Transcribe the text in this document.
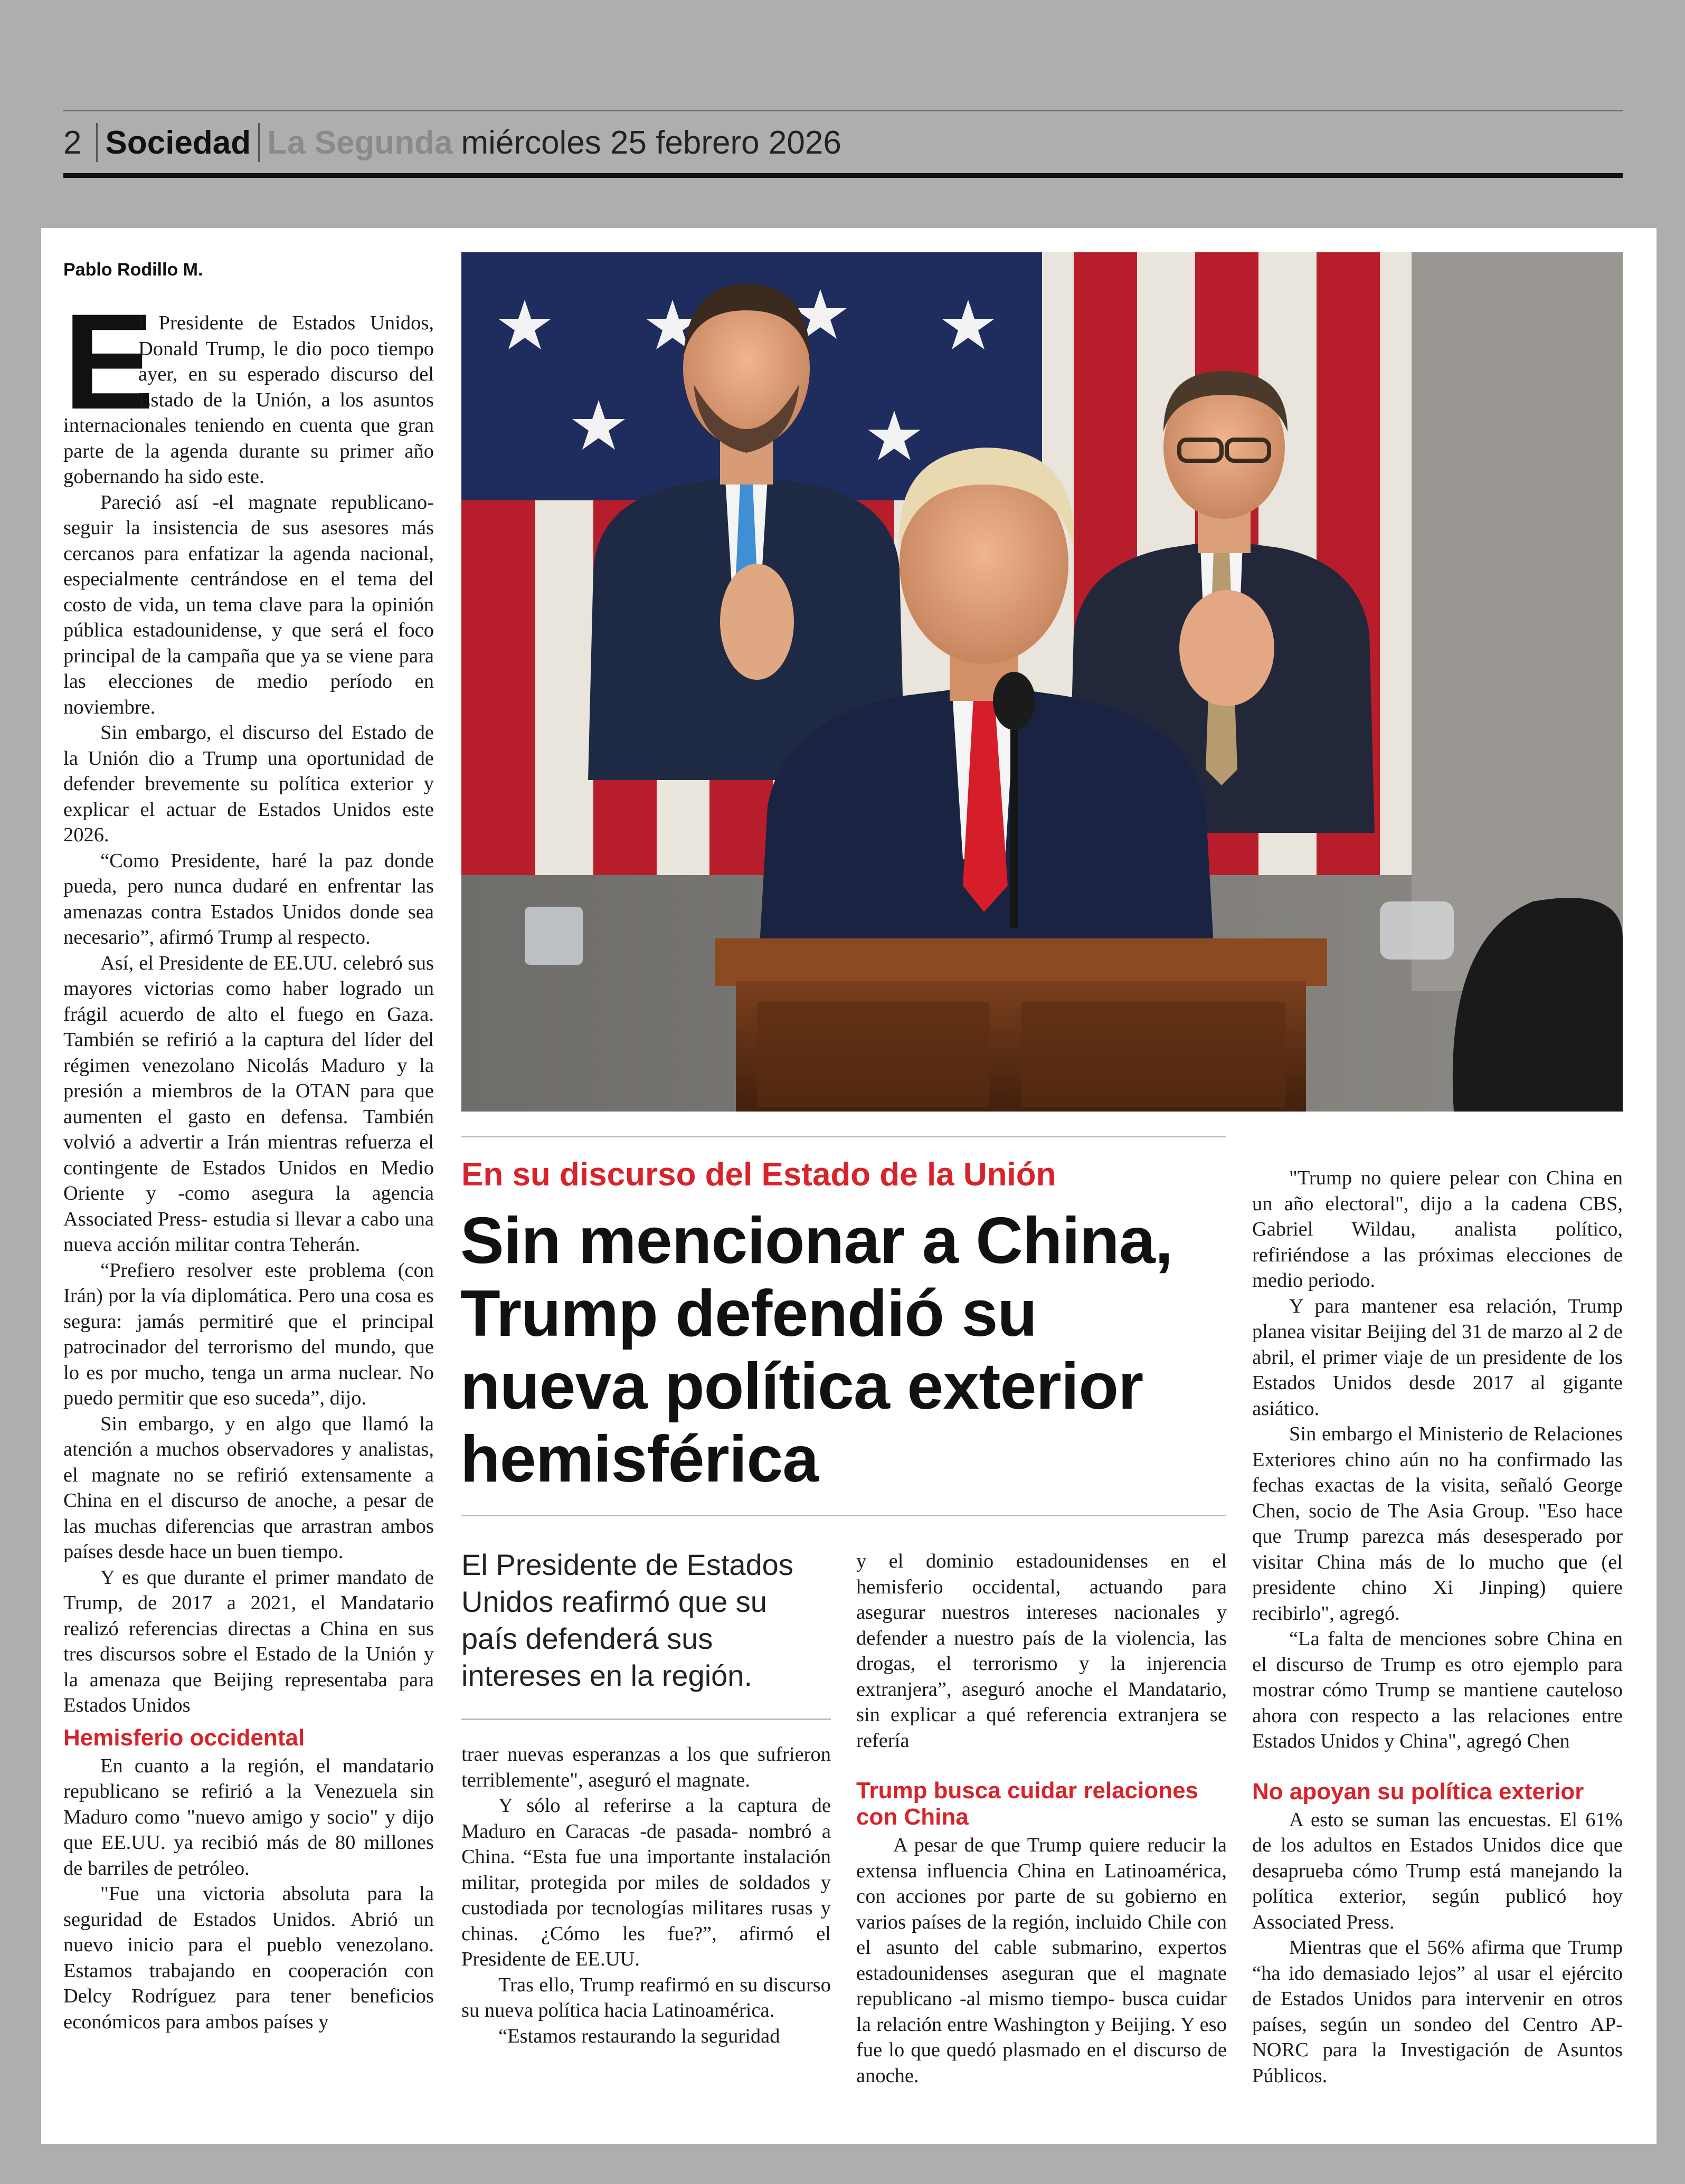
2 Sociedad La Segunda miércoles 25 febrero 2026
Pablo Rodillo M.

E
l Presidente de Estados Unidos, Donald Trump, le dio poco tiempo ayer, en su esperado discurso del Estado de la Unión, a los asuntos internacionales teniendo en cuenta que gran parte de la agenda durante su primer año gobernando ha sido este.

Pareció así -el magnate republicano- seguir la insistencia de sus asesores más cercanos para enfatizar la agenda nacional, especialmente centrándose en el tema del costo de vida, un tema clave para la opinión pública estadounidense, y que será el foco principal de la campaña que ya se viene para las elecciones de medio período en noviembre.

Sin embargo, el discurso del Estado de la Unión dio a Trump una oportunidad de defender brevemente su política exterior y explicar el actuar de Estados Unidos este 2026.

“Como Presidente, haré la paz donde pueda, pero nunca dudaré en enfrentar las amenazas contra Estados Unidos donde sea necesario”, afirmó Trump al respecto.

Así, el Presidente de EE.UU. celebró sus mayores victorias como haber logrado un frágil acuerdo de alto el fuego en Gaza. También se refirió a la captura del líder del régimen venezolano Nicolás Maduro y la presión a miembros de la OTAN para que aumenten el gasto en defensa. También volvió a advertir a Irán mientras refuerza el contingente de Estados Unidos en Medio Oriente y -como asegura la agencia Associated Press- estudia si llevar a cabo una nueva acción militar contra Teherán.

“Prefiero resolver este problema (con Irán) por la vía diplomática. Pero una cosa es segura: jamás permitiré que el principal patrocinador del terrorismo del mundo, que lo es por mucho, tenga un arma nuclear. No puedo permitir que eso suceda”, dijo.

Sin embargo, y en algo que llamó la atención a muchos observadores y analistas, el magnate no se refirió extensamente a China en el discurso de anoche, a pesar de las muchas diferencias que arrastran ambos países desde hace un buen tiempo.

Y es que durante el primer mandato de Trump, de 2017 a 2021, el Mandatario realizó referencias directas a China en sus tres discursos sobre el Estado de la Unión y la amenaza que Beijing representaba para Estados Unidos

Hemisferio occidental

En cuanto a la región, el mandatario republicano se refirió a la Venezuela sin Maduro como "nuevo amigo y socio" y dijo que EE.UU. ya recibió más de 80 millones de barriles de petróleo.

"Fue una victoria absoluta para la seguridad de Estados Unidos. Abrió un nuevo inicio para el pueblo venezolano. Estamos trabajando en cooperación con Delcy Rodríguez para tener beneficios económicos para ambos países y

En su discurso del Estado de la Unión
Sin mencionar a China, Trump defendió su nueva política exterior hemisférica
El Presidente de Estados Unidos reafirmó que su país defenderá sus intereses en la región.

traer nuevas esperanzas a los que sufrieron terriblemente", aseguró el magnate.

Y sólo al referirse a la captura de Maduro en Caracas -de pasada- nombró a China. “Esta fue una importante instalación militar, protegida por miles de soldados y custodiada por tecnologías militares rusas y chinas. ¿Cómo les fue?”, afirmó el Presidente de EE.UU.

Tras ello, Trump reafirmó en su discurso su nueva política hacia Latinoamérica.

“Estamos restaurando la seguridad

y el dominio estadounidenses en el hemisferio occidental, actuando para asegurar nuestros intereses nacionales y defender a nuestro país de la violencia, las drogas, el terrorismo y la injerencia extranjera”, aseguró anoche el Mandatario, sin explicar a qué referencia extranjera se refería

Trump busca cuidar relaciones con China

A pesar de que Trump quiere reducir la extensa influencia China en Latinoamérica, con acciones por parte de su gobierno en varios países de la región, incluido Chile con el asunto del cable submarino, expertos estadounidenses aseguran que el magnate republicano -al mismo tiempo- busca cuidar la relación entre Washington y Beijing. Y eso fue lo que quedó plasmado en el discurso de anoche.

"Trump no quiere pelear con China en un año electoral", dijo a la cadena CBS, Gabriel Wildau, analista político, refiriéndose a las próximas elecciones de medio periodo.

Y para mantener esa relación, Trump planea visitar Beijing del 31 de marzo al 2 de abril, el primer viaje de un presidente de los Estados Unidos desde 2017 al gigante asiático.

Sin embargo el Ministerio de Relaciones Exteriores chino aún no ha confirmado las fechas exactas de la visita, señaló George Chen, socio de The Asia Group. "Eso hace que Trump parezca más desesperado por visitar China más de lo mucho que (el presidente chino Xi Jinping) quiere recibirlo", agregó.

“La falta de menciones sobre China en el discurso de Trump es otro ejemplo para mostrar cómo Trump se mantiene cauteloso ahora con respecto a las relaciones entre Estados Unidos y China", agregó Chen

No apoyan su política exterior

A esto se suman las encuestas. El 61% de los adultos en Estados Unidos dice que desaprueba cómo Trump está manejando la política exterior, según publicó hoy Associated Press.

Mientras que el 56% afirma que Trump “ha ido demasiado lejos” al usar el ejército de Estados Unidos para intervenir en otros países, según un sondeo del Centro AP-NORC para la Investigación de Asuntos Públicos.
